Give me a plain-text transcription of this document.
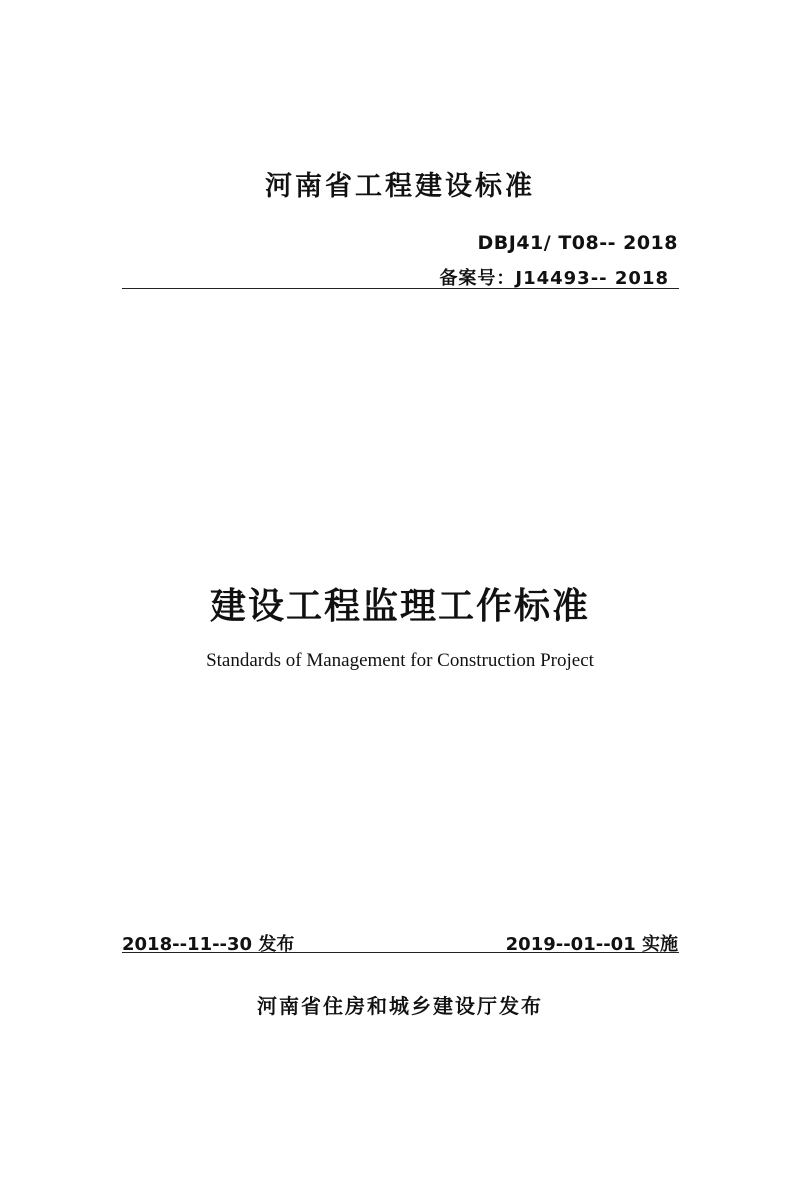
河南省工程建设标准
DBJ41/ T08-- 2018
备案号：J14493-- 2018
建设工程监理工作标准
Standards of Management for Construction Project
2018--11--30 发布	2019--01--01 实施
河南省住房和城乡建设厅发布
